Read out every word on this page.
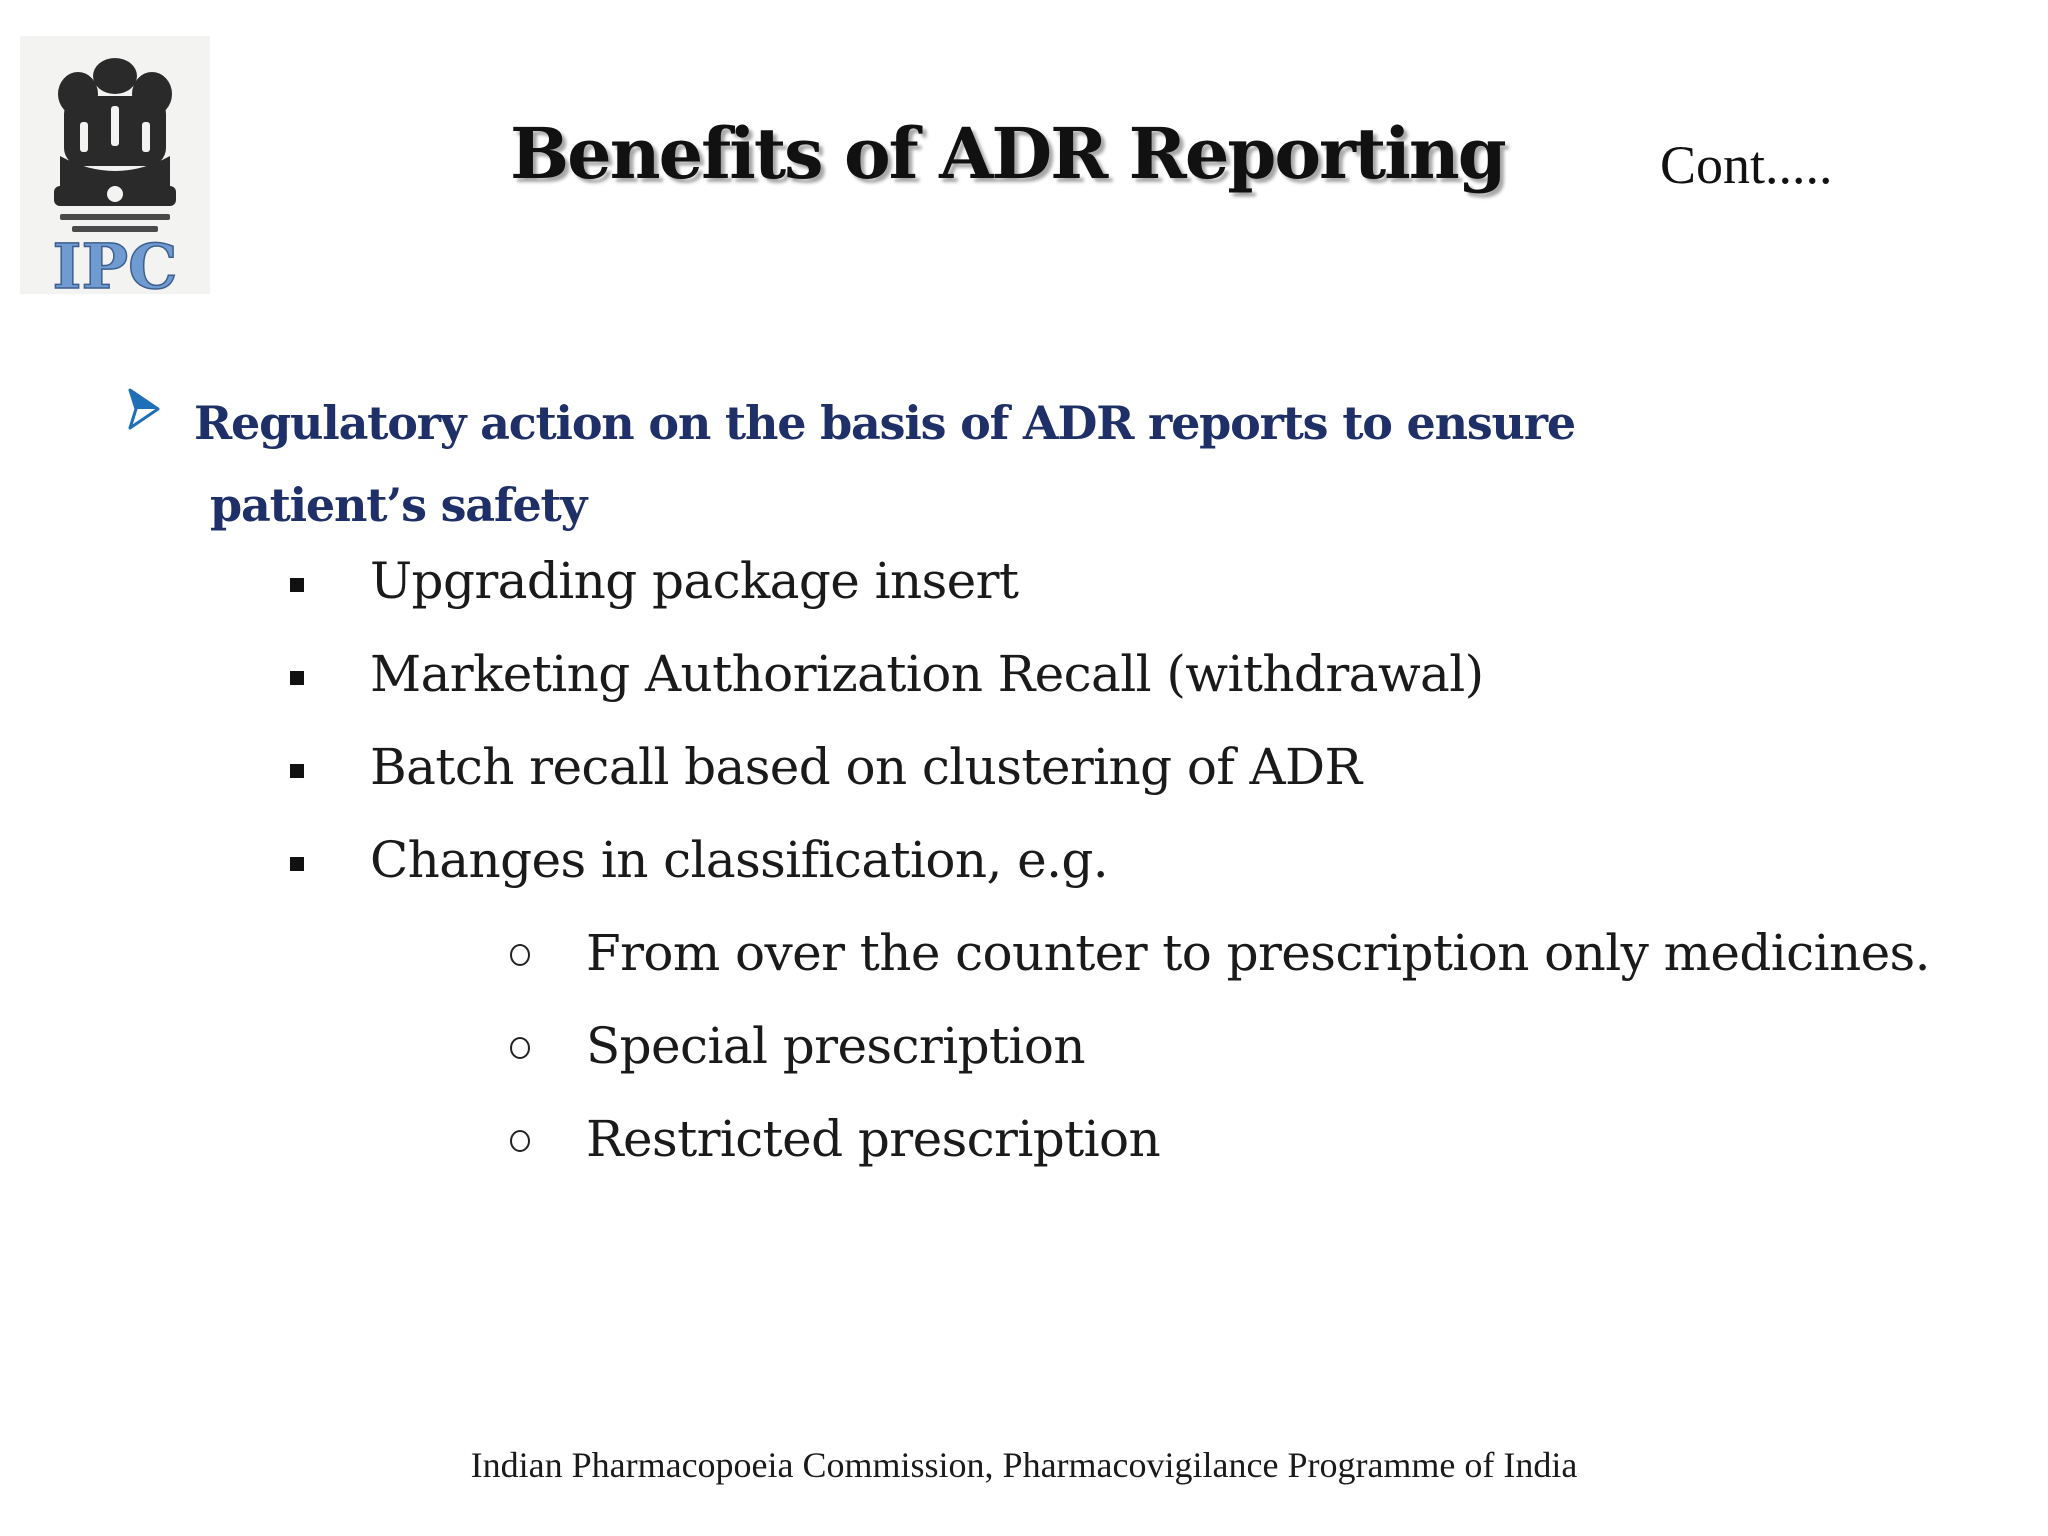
IPC
Benefits of ADR Reporting	Cont.....
Regulatory action on the basis of ADR reports to ensure
patient’s safety
Upgrading package insert
Marketing Authorization Recall (withdrawal)
Batch recall based on clustering of ADR
Changes in classification, e.g.
From over the counter to prescription only medicines.
Special prescription
Restricted prescription
Indian Pharmacopoeia Commission, Pharmacovigilance Programme of India
